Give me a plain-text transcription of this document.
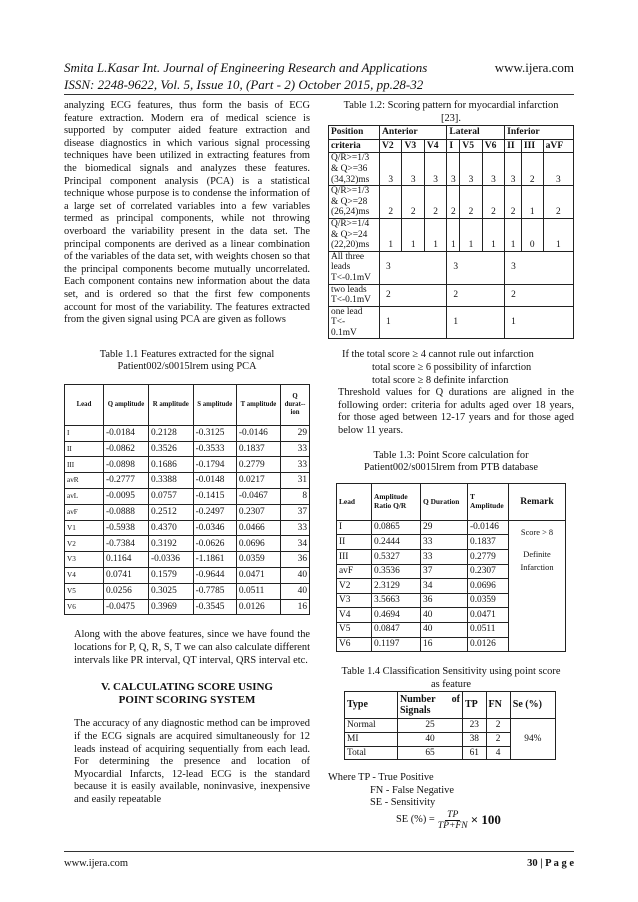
Smita L.Kasar Int. Journal of Engineering Research and Applications	www.ijera.com
ISSN: 2248-9622, Vol. 5, Issue 10, (Part - 2) October 2015, pp.28-32

analyzing ECG features, thus form the basis of ECG feature extraction. Modern era of medical science is supported by computer aided feature extraction and disease diagnostics in which various signal processing techniques have been utilized in extracting features from the biomedical signals and analyzes these features. Principal component analysis (PCA) is a statistical technique whose purpose is to condense the information of a large set of correlated variables into a few variables termed as principal components, while not throwing overboard the variability present in the data set. The principal components are derived as a linear combination of the variables of the data set, with weights chosen so that the principal components become mutually uncorrelated. Each component contains new information about the data set, and is ordered so that the first few components account for most of the variability. The features extracted from the given signal using PCA are given as follows

Table 1.1 Features extracted for the signal

Patient002/s0015lrem using PCA

Lead	Q amplitude	R amplitude	S amplitude	T amplitude	Q durat--ion
I	-0.0184	0.2128	-0.3125	-0.0146	29
II	-0.0862	0.3526	-0.3533	0.1837	33
III	-0.0898	0.1686	-0.1794	0.2779	33
avR	-0.2777	0.3388	-0.0148	0.0217	31
avL	-0.0095	0.0757	-0.1415	-0.0467	8
avF	-0.0888	0.2512	-0.2497	0.2307	37
V1	-0.5938	0.4370	-0.0346	0.0466	33
V2	-0.7384	0.3192	-0.0626	0.0696	34
V3	0.1164	-0.0336	-1.1861	0.0359	36
V4	0.0741	0.1579	-0.9644	0.0471	40
V5	0.0256	0.3025	-0.7785	0.0511	40
V6	-0.0475	0.3969	-0.3545	0.0126	16

Along with the above features, since we have found the locations for P, Q, R, S, T we can also calculate different intervals like PR interval, QT interval, QRS interval etc.

V. CALCULATING SCORE USING

POINT SCORING SYSTEM

The accuracy of any diagnostic method can be improved if the ECG signals are acquired simultaneously for 12 leads instead of acquiring sequentially from each lead. For determining the presence and location of Myocardial Infarcts, 12-lead ECG is the standard because it is easily available, noninvasive, inexpensive and easily repeatable

Table 1.2: Scoring pattern for myocardial infarction

[23].

Position	Anterior			Lateral			Inferior		
criteria	V2	V3	V4	I	V5	V6	II	III	aVF

Q/R>=1/3
& Q>=36
(34,32)ms	3	3	3	3	3	3	3	2	3

Q/R>=1/3
& Q>=28
(26,24)ms	2	2	2	2	2	2	2	1	2

Q/R>=1/4
& Q>=24
(22,20)ms	1	1	1	1	1	1	1	0	1

All three
leads
T<-0.1mV	3			3			3		

two leads
T<-0.1mV	2			2			2		

one lead
T<-
0.1mV	1			1			1		

If the total score ≥ 4 cannot rule out infarction

total score ≥ 6 possibility of infarction

total score ≥ 8 definite infarction

Threshold values for Q durations are aligned in the following order: criteria for adults aged over 18 years, for those aged between 12-17 years and for those aged below 11 years.

Table 1.3: Point Score calculation for

Patient002/s0015lrem from PTB database

Lead	Amplitude Ratio Q/R	Q Duration	T Amplitude	Remark
I	0.0865	29	-0.0146	Score > 8
Definite Infarction

II	0.2444	33	0.1837	
III	0.5327	33	0.2779	
avF	0.3536	37	0.2307	
V2	2.3129	34	0.0696	
V3	3.5663	36	0.0359	
V4	0.4694	40	0.0471	
V5	0.0847	40	0.0511	
V6	0.1197	16	0.0126	

Table 1.4 Classification Sensitivity using point score

as feature

Type	Number of Signals	TP	FN	Se (%)
Normal	25	23	2	94%
MI	40	38	2	
Total	65	61	4	

Where TP - True Positive

FN - False Negative

SE - Sensitivity

SE (%) = $\frac{TP}{TP+FN} \times 100$
www.ijera.com	30 | P a g e
